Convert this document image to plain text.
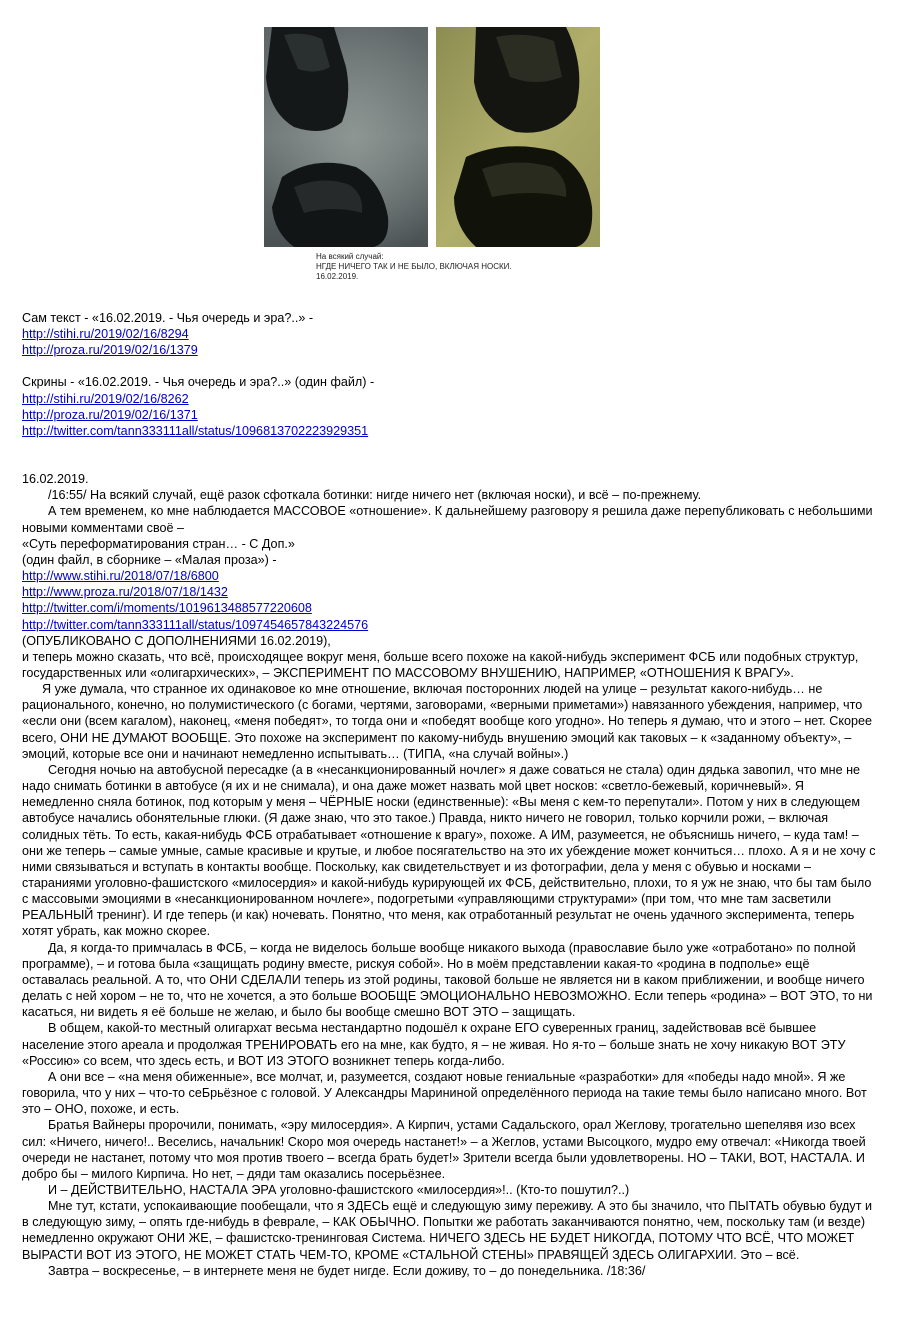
На всякий случай:
НГДЕ НИЧЕГО ТАК И НЕ БЫЛО, ВКЛЮЧАЯ НОСКИ.
16.02.2019.

Сам текст - «16.02.2019. - Чья очередь и эра?..» -

http://stihi.ru/2019/02/16/8294

http://proza.ru/2019/02/16/1379

Скрины - «16.02.2019. - Чья очередь и эра?..» (один файл) -

http://stihi.ru/2019/02/16/8262

http://proza.ru/2019/02/16/1371

http://twitter.com/tann333111all/status/1096813702223929351

16.02.2019.

/16:55/ На всякий случай, ещё разок сфоткала ботинки: нигде ничего нет (включая носки), и всё – по-прежнему.

А тем временем, ко мне наблюдается МАССОВОЕ «отношение». К дальнейшему разговору я решила даже перепубликовать с небольшими новыми комментами своё –

«Суть переформатирования стран… - С Доп.»

(один файл, в сборнике – «Малая проза») -

http://www.stihi.ru/2018/07/18/6800

http://www.proza.ru/2018/07/18/1432

http://twitter.com/i/moments/1019613488577220608

http://twitter.com/tann333111all/status/1097454657843224576

(ОПУБЛИКОВАНО С ДОПОЛНЕНИЯМИ 16.02.2019),

и теперь можно сказать, что всё, происходящее вокруг меня, больше всего похоже на какой-нибудь эксперимент ФСБ или подобных структур, государственных или «олигархических», – ЭКСПЕРИМЕНТ ПО МАССОВОМУ ВНУШЕНИЮ, НАПРИМЕР, «ОТНОШЕНИЯ К ВРАГУ».

Я уже думала, что странное их одинаковое ко мне отношение, включая посторонних людей на улице – результат какого-нибудь… не рационального, конечно, но полумистического (с богами, чертями, заговорами, «верными приметами») навязанного убеждения, например, что «если они (всем кагалом), наконец, «меня победят», то тогда они и «победят вообще кого угодно». Но теперь я думаю, что и этого – нет. Скорее всего, ОНИ НЕ ДУМАЮТ ВООБЩЕ. Это похоже на эксперимент по какому-нибудь внушению эмоций как таковых – к «заданному объекту», – эмоций, которые все они и начинают немедленно испытывать… (ТИПА, «на случай войны».)

Сегодня ночью на автобусной пересадке (а в «несанкционированный ночлег» я даже соваться не стала) один дядька завопил, что мне не надо снимать ботинки в автобусе (я их и не снимала), и она даже может назвать мой цвет носков: «светло-бежевый, коричневый». Я немедленно сняла ботинок, под которым у меня – ЧЁРНЫЕ носки (единственные): «Вы меня с кем-то перепутали». Потом у них в следующем автобусе начались обонятельные глюки. (Я даже знаю, что это такое.) Правда, никто ничего не говорил, только корчили рожи, – включая солидных тёть. То есть, какая-нибудь ФСБ отрабатывает «отношение к врагу», похоже. А ИМ, разумеется, не объяснишь ничего, – куда там! – они же теперь – самые умные, самые красивые и крутые, и любое посягательство на это их убеждение может кончиться… плохо. А я и не хочу с ними связываться и вступать в контакты вообще. Поскольку, как свидетельствует и из фотографии, дела у меня с обувью и носками – стараниями уголовно-фашистского «милосердия» и какой-нибудь курирующей их ФСБ, действительно, плохи, то я уж не знаю, что бы там было с массовыми эмоциями в «несанкционированном ночлеге», подогретыми «управляющими структурами» (при том, что мне там засветили РЕАЛЬНЫЙ тренинг). И где теперь (и как) ночевать. Понятно, что меня, как отработанный результат не очень удачного эксперимента, теперь хотят убрать, как можно скорее.

Да, я когда-то примчалась в ФСБ, – когда не виделось больше вообще никакого выхода (православие было уже «отработано» по полной программе), – и готова была «защищать родину вместе, рискуя собой». Но в моём представлении какая-то «родина в подполье» ещё оставалась реальной. А то, что ОНИ СДЕЛАЛИ теперь из этой родины, таковой больше не является ни в каком приближении, и вообще ничего делать с ней хором – не то, что не хочется, а это больше ВООБЩЕ ЭМОЦИОНАЛЬНО НЕВОЗМОЖНО. Если теперь «родина» – ВОТ ЭТО, то ни касаться, ни видеть я её больше не желаю, и было бы вообще смешно ВОТ ЭТО – защищать.

В общем, какой-то местный олигархат весьма нестандартно подошёл к охране ЕГО суверенных границ, задействовав всё бывшее население этого ареала и продолжая ТРЕНИРОВАТЬ его на мне, как будто, я – не живая. Но я-то – больше знать не хочу никакую ВОТ ЭТУ «Россию» со всем, что здесь есть, и ВОТ ИЗ ЭТОГО возникнет теперь когда-либо.

А они все – «на меня обиженные», все молчат, и, разумеется, создают новые гениальные «разработки» для «победы надо мной». Я же говорила, что у них – что-то сеБрьёзное с головой. У Александры Марининой определённого периода на такие темы было написано много. Вот это – ОНО, похоже, и есть.

Братья Вайнеры пророчили, понимать, «эру милосердия». А Кирпич, устами Садальского, орал Жеглову, трогательно шепелявя изо всех сил: «Ничего, ничего!.. Веселись, начальник! Скоро моя очередь настанет!» – а Жеглов, устами Высоцкого, мудро ему отвечал: «Никогда твоей очереди не настанет, потому что моя против твоего – всегда брать будет!» Зрители всегда были удовлетворены. НО – ТАКИ, ВОТ, НАСТАЛА. И добро бы – милого Кирпича. Но нет, – дяди там оказались посерьёзнее.

И – ДЕЙСТВИТЕЛЬНО, НАСТАЛА ЭРА уголовно-фашистского «милосердия»!.. (Кто-то пошутил?..)

Мне тут, кстати, успокаивающие пообещали, что я ЗДЕСЬ ещё и следующую зиму переживу. А это бы значило, что ПЫТАТЬ обувью будут и в следующую зиму, – опять где-нибудь в феврале, – КАК ОБЫЧНО. Попытки же работать заканчиваются понятно, чем, поскольку там (и везде) немедленно окружают ОНИ ЖЕ, – фашистско-тренинговая Система. НИЧЕГО ЗДЕСЬ НЕ БУДЕТ НИКОГДА, ПОТОМУ ЧТО ВСЁ, ЧТО МОЖЕТ ВЫРАСТИ ВОТ ИЗ ЭТОГО, НЕ МОЖЕТ СТАТЬ ЧЕМ-ТО, КРОМЕ «СТАЛЬНОЙ СТЕНЫ» ПРАВЯЩЕЙ ЗДЕСЬ ОЛИГАРХИИ. Это – всё.

Завтра – воскресенье, – в интернете меня не будет нигде. Если доживу, то – до понедельника. /18:36/
